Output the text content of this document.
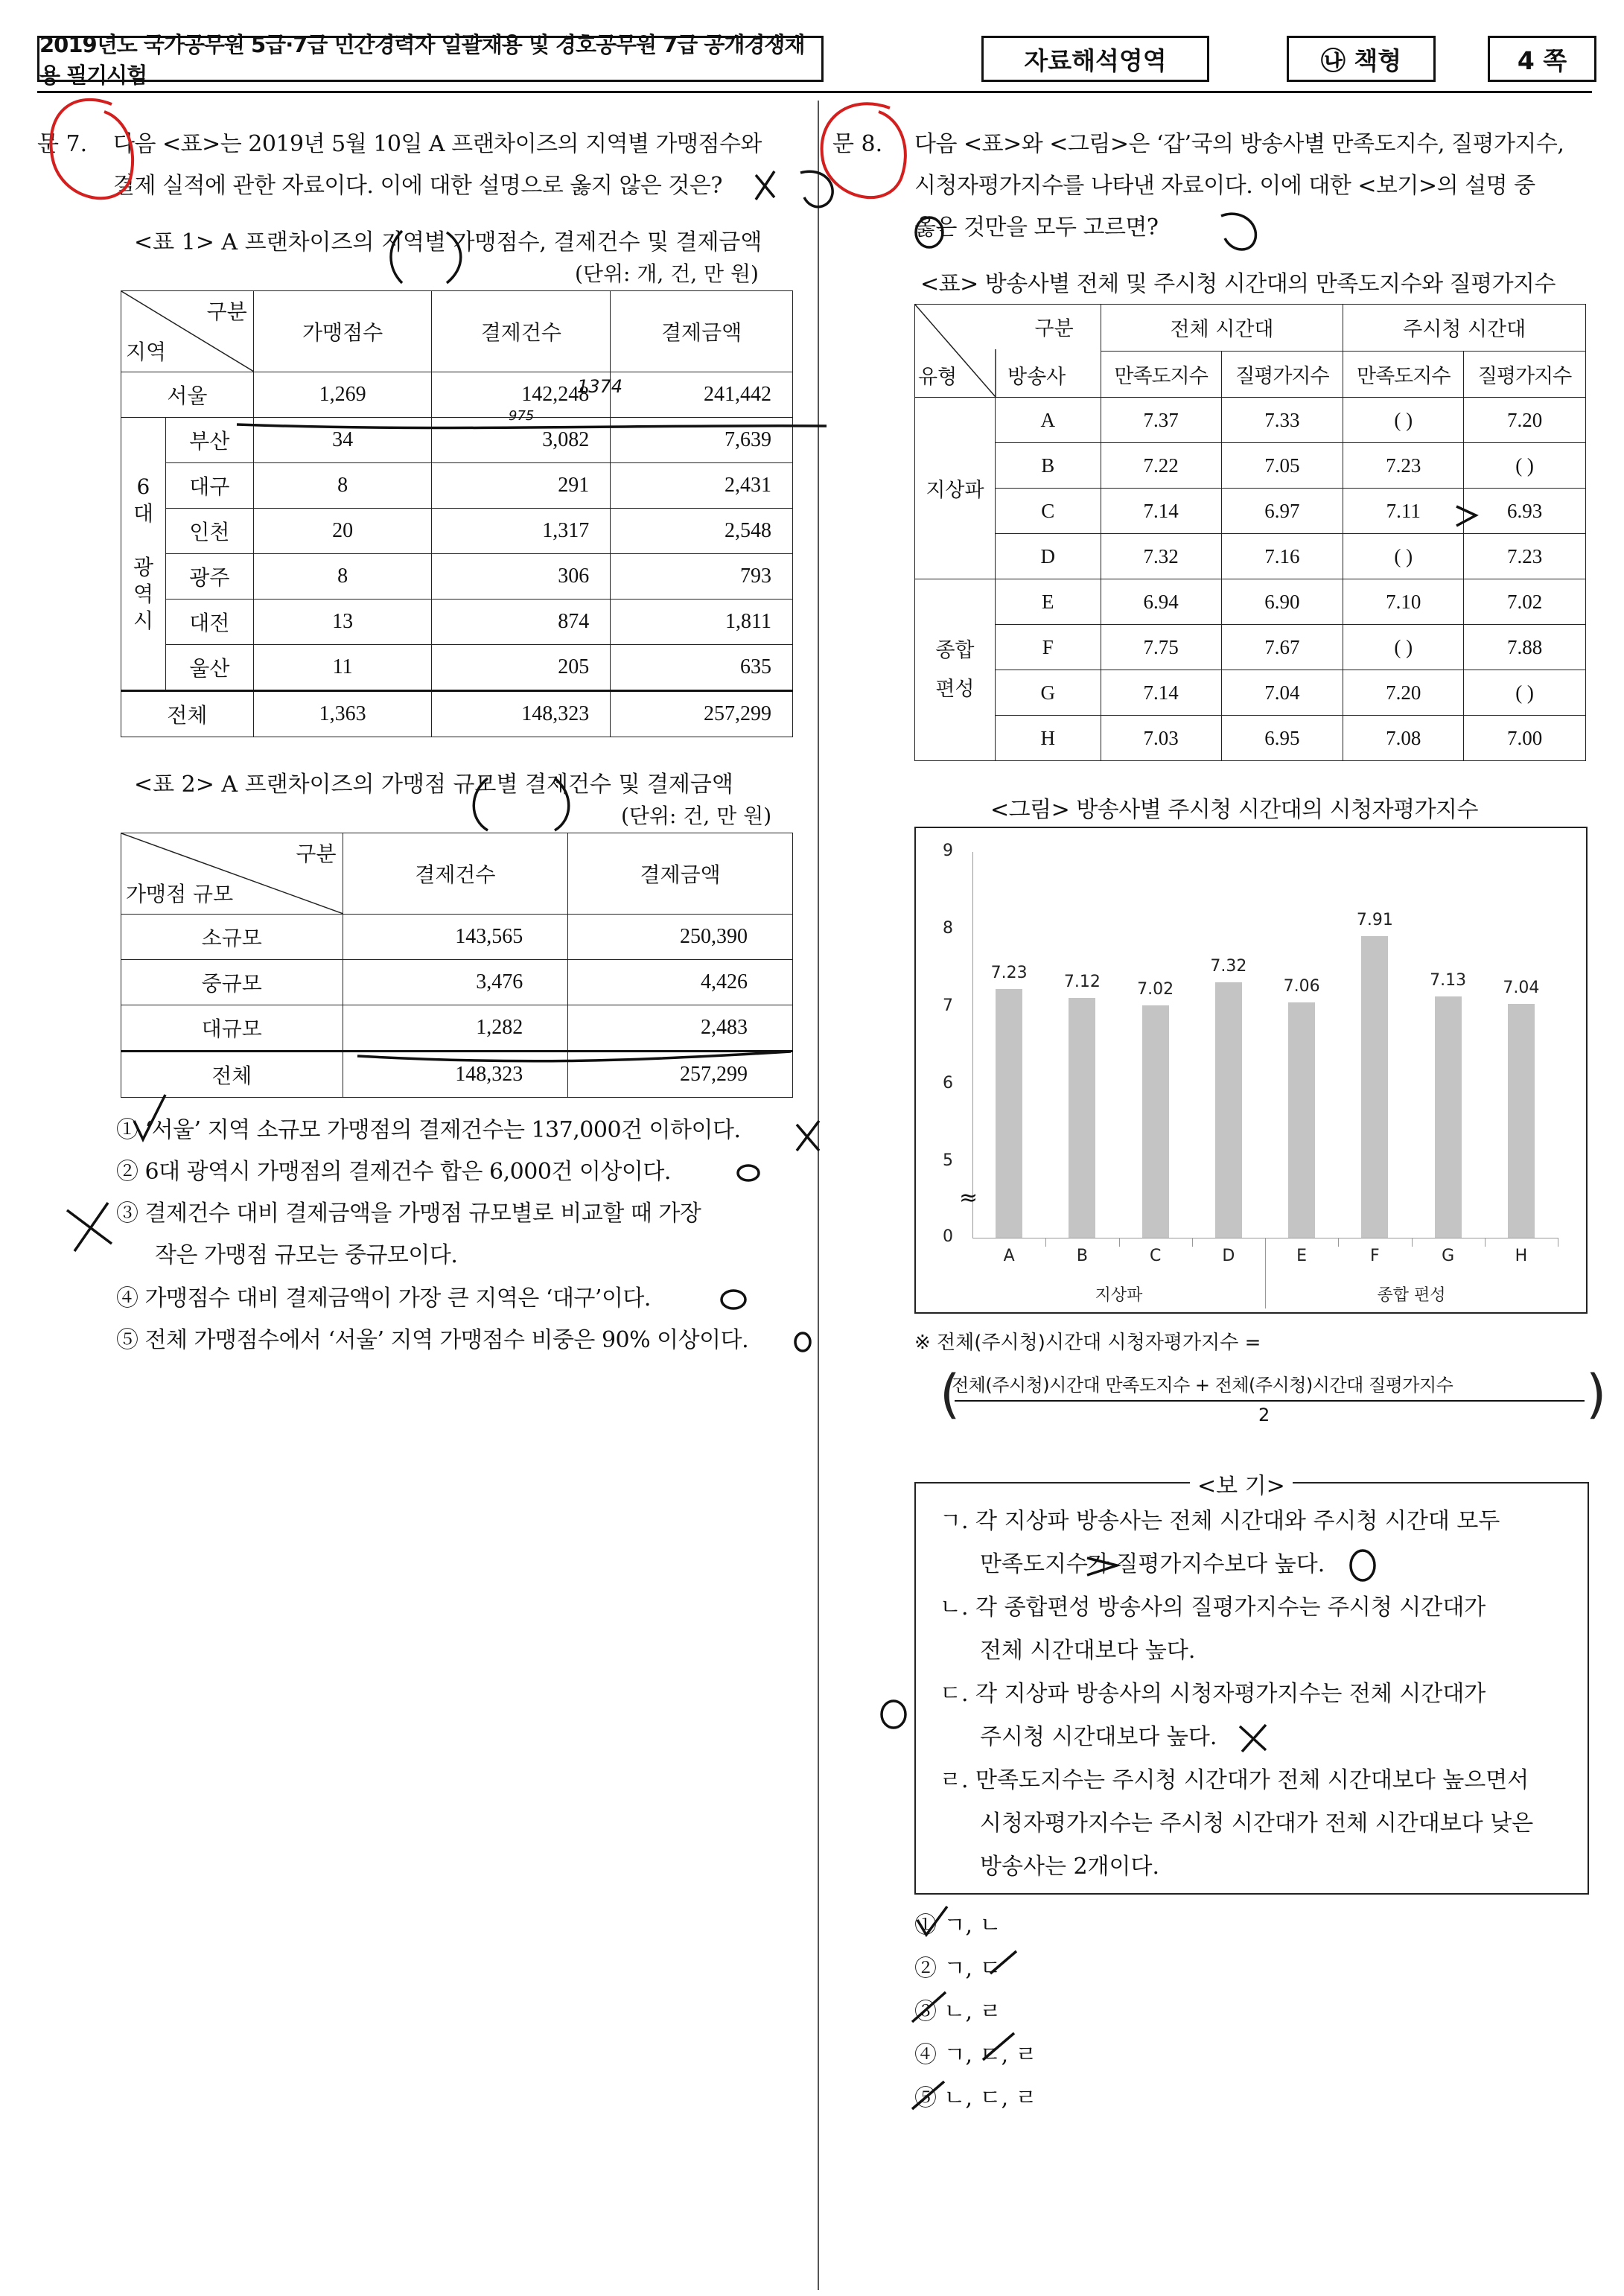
2019년도 국가공무원 5급·7급 민간경력자 일괄채용 및 경호공무원 7급 공개경쟁채용 필기시험
자료해석영역	㉯ 책형	4 쪽
문 7. 다음 <표>는 2019년 5월 10일 A 프랜차이즈의 지역별 가맹점수와
결제 실적에 관한 자료이다. 이에 대한 설명으로 옳지 않은 것은?
<표 1> A 프랜차이즈의 지역별 가맹점수, 결제건수 및 결제금액
(단위: 개, 건, 만 원)
구분
지역		가맹점수	결제건수	결제금액
서울		1,269	142,248	241,442

6
대
광
역
시	부산	34	3,082	7,639
	대구	8	291	2,431
	인천	20	1,317	2,548
	광주	8	306	793
	대전	13	874	1,811
	울산	11	205	635
전체		1,363	148,323	257,299
1374
975
<표 2> A 프랜차이즈의 가맹점 규모별 결제건수 및 결제금액
(단위: 건, 만 원)
구분
가맹점 규모	결제건수	결제금액
소규모	143,565	250,390
중규모	3,476	4,426
대규모	1,282	2,483
전체	148,323	257,299
① ‘서울’ 지역 소규모 가맹점의 결제건수는 137,000건 이하이다.
② 6대 광역시 가맹점의 결제건수 합은 6,000건 이상이다.
③ 결제건수 대비 결제금액을 가맹점 규모별로 비교할 때 가장
작은 가맹점 규모는 중규모이다.
④ 가맹점수 대비 결제금액이 가장 큰 지역은 ‘대구’이다.
⑤ 전체 가맹점수에서 ‘서울’ 지역 가맹점수 비중은 90% 이상이다.
문 8. 다음 <표>와 <그림>은 ‘갑’국의 방송사별 만족도지수, 질평가지수,
시청자평가지수를 나타낸 자료이다. 이에 대한 <보기>의 설명 중
옳은 것만을 모두 고르면?
<표> 방송사별 전체 및 주시청 시간대의 만족도지수와 질평가지수
구분
유형 방송사		전체 시간대		주시청 시간대	
		만족도지수	질평가지수	만족도지수	질평가지수
지상파	A	7.37	7.33	( )	7.20
	B	7.22	7.05	7.23	( )
	C	7.14	6.97	7.11	6.93
	D	7.32	7.16	( )	7.23

종합
편성	E	6.94	6.90	7.10	7.02
	F	7.75	7.67	( )	7.88
	G	7.14	7.04	7.20	( )
	H	7.03	6.95	7.08	7.00
<그림> 방송사별 주시청 시간대의 시청자평가지수
9
8
7
6
5
0
≈
7.23
A
7.12
B
7.02
C
7.32
D
7.06
E
7.91
F
7.13
G
7.04
H
지상파	종합 편성
※ 전체(주시청)시간대 시청자평가지수 =
전체(주시청)시간대 만족도지수 + 전체(주시청)시간대 질평가지수
2
(	)
<보 기>
ㄱ. 각 지상파 방송사는 전체 시간대와 주시청 시간대 모두
만족도지수가 질평가지수보다 높다.
ㄴ. 각 종합편성 방송사의 질평가지수는 주시청 시간대가
전체 시간대보다 높다.
ㄷ. 각 지상파 방송사의 시청자평가지수는 전체 시간대가
주시청 시간대보다 높다.
ㄹ. 만족도지수는 주시청 시간대가 전체 시간대보다 높으면서
시청자평가지수는 주시청 시간대가 전체 시간대보다 낮은
방송사는 2개이다.
① ㄱ, ㄴ
② ㄱ, ㄷ
③ ㄴ, ㄹ
④ ㄱ, ㄷ, ㄹ
⑤ ㄴ, ㄷ, ㄹ
